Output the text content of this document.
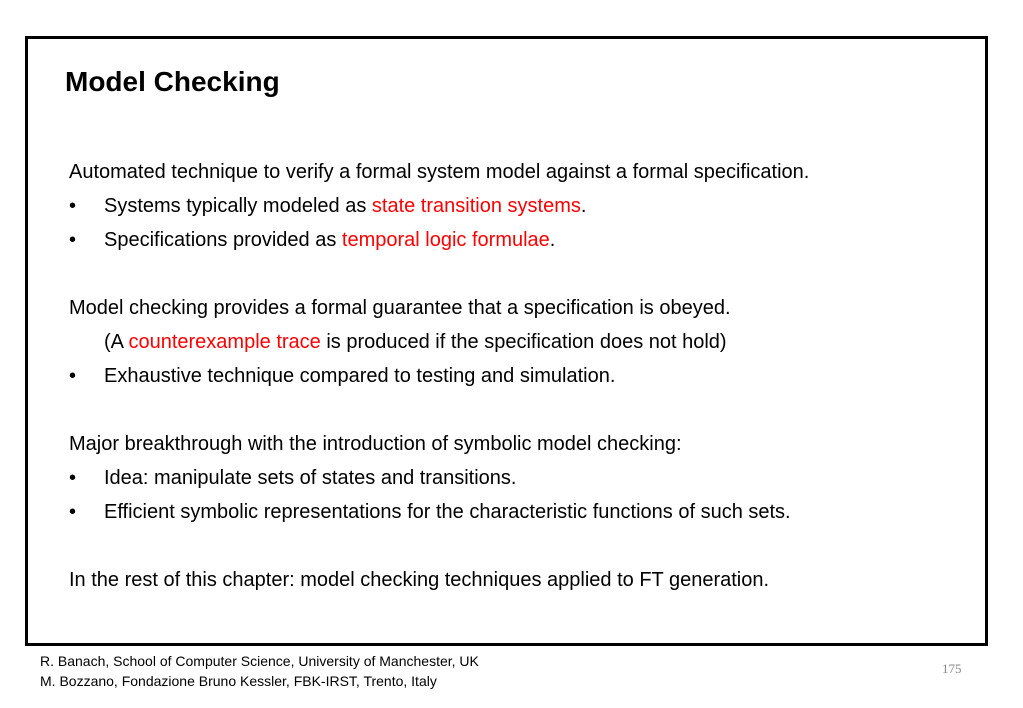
Model Checking
Automated technique to verify a formal system model against a formal specification.
• Systems typically modeled as state transition systems.
• Specifications provided as temporal logic formulae.
Model checking provides a formal guarantee that a specification is obeyed.
(A counterexample trace is produced if the specification does not hold)
• Exhaustive technique compared to testing and simulation.
Major breakthrough with the introduction of symbolic model checking:
• Idea: manipulate sets of states and transitions.
• Efficient symbolic representations for the characteristic functions of such sets.
In the rest of this chapter: model checking techniques applied to FT generation.
R. Banach, School of Computer Science, University of Manchester, UK
M. Bozzano, Fondazione Bruno Kessler, FBK-IRST, Trento, Italy
175
